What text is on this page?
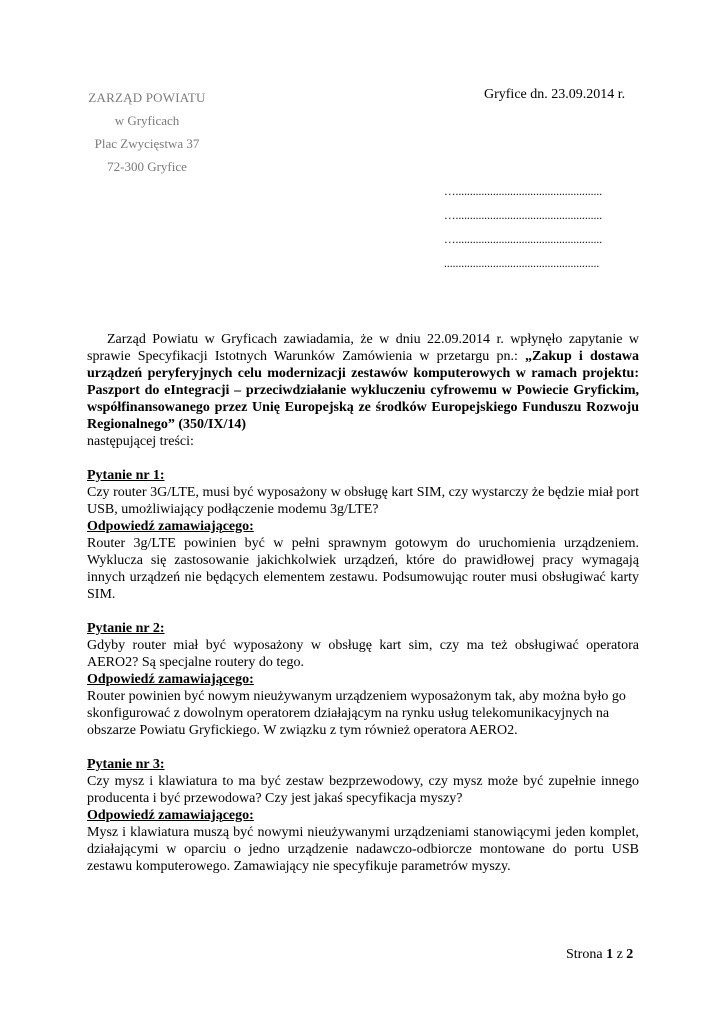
ZARZĄD POWIATU
w Gryficach
Plac Zwycięstwa 37
72-300 Gryfice
Gryfice dn. 23.09.2014 r.
…...................................................
…...................................................
…...................................................
......................................................

Zarząd Powiatu w Gryficach zawiadamia, że w dniu 22.09.2014 r. wpłynęło zapytanie w sprawie Specyfikacji Istotnych Warunków Zamówienia w przetargu pn.: „Zakup i dostawa urządzeń peryferyjnych celu modernizacji zestawów komputerowych w ramach projektu: Paszport do eIntegracji – przeciwdziałanie wykluczeniu cyfrowemu w Powiecie Gryfickim, współfinansowanego przez Unię Europejską ze środków Europejskiego Funduszu Rozwoju Regionalnego” (350/IX/14)

następującej treści:

Pytanie nr 1:

Czy router 3G/LTE, musi być wyposażony w obsługę kart SIM, czy wystarczy że będzie miał port USB, umożliwiający podłączenie modemu 3g/LTE?

Odpowiedź zamawiającego:

Router 3g/LTE powinien być w pełni sprawnym gotowym do uruchomienia urządzeniem. Wyklucza się zastosowanie jakichkolwiek urządzeń, które do prawidłowej pracy wymagają innych urządzeń nie będących elementem zestawu. Podsumowując router musi obsługiwać karty SIM.

Pytanie nr 2:

Gdyby router miał być wyposażony w obsługę kart sim, czy ma też obsługiwać operatora AERO2? Są specjalne routery do tego.

Odpowiedź zamawiającego:

Router powinien być nowym nieużywanym urządzeniem wyposażonym tak, aby można było go skonfigurować z dowolnym operatorem działającym na rynku usług telekomunikacyjnych na obszarze Powiatu Gryfickiego. W związku z tym również operatora AERO2.

Pytanie nr 3:

Czy mysz i klawiatura to ma być zestaw bezprzewodowy, czy mysz może być zupełnie innego producenta i być przewodowa? Czy jest jakaś specyfikacja myszy?

Odpowiedź zamawiającego:

Mysz i klawiatura muszą być nowymi nieużywanymi urządzeniami stanowiącymi jeden komplet, działającymi w oparciu o jedno urządzenie nadawczo-odbiorcze montowane do portu USB zestawu komputerowego. Zamawiający nie specyfikuje parametrów myszy.

Strona 1 z 2
